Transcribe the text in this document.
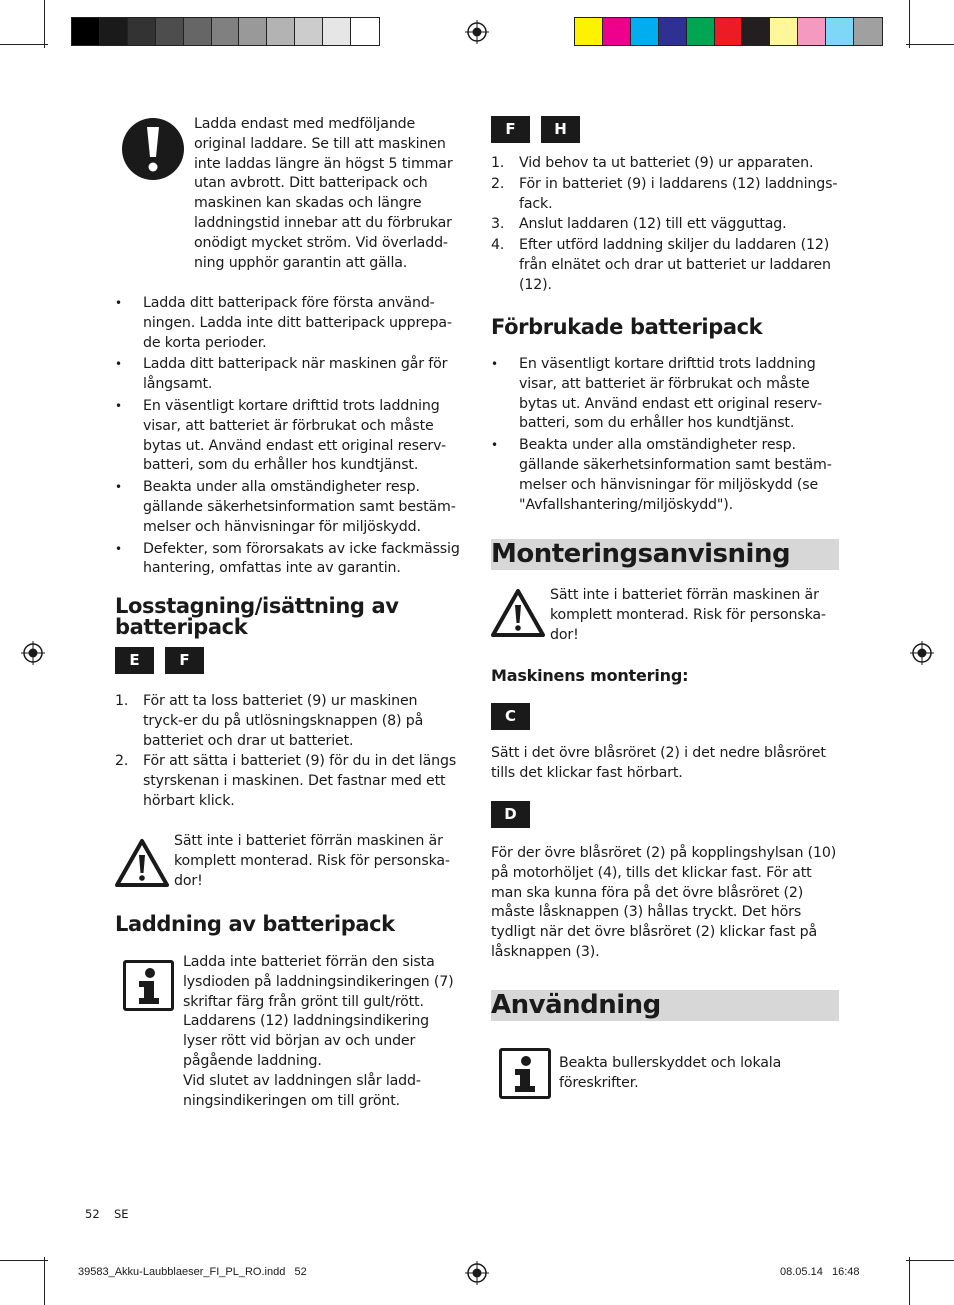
Ladda endast med medföljande original laddare. Se till att maskinen inte laddas längre än högst 5 timmar utan avbrott. Ditt batteripack och maskinen kan skadas och längre laddningstid innebar att du förbrukar onödigt mycket ström. Vid överladd-ning upphör garantin att gälla.
• Ladda ditt batteripack före första använd-ningen. Ladda inte ditt batteripack upprepa-de korta perioder.
• Ladda ditt batteripack när maskinen går för långsamt.
• En väsentligt kortare drifttid trots laddning visar, att batteriet är förbrukat och måste bytas ut. Använd endast ett original reserv-batteri, som du erhåller hos kundtjänst.
• Beakta under alla omständigheter resp. gällande säkerhetsinformation samt bestäm-melser och hänvisningar för miljöskydd.
• Defekter, som förorsakats av icke fackmässig hantering, omfattas inte av garantin.
Losstagning/isättning av batteripack
E	F
1. För att ta loss batteriet (9) ur maskinen tryck-er du på utlösningsknappen (8) på batteriet och drar ut batteriet.
2. För att sätta i batteriet (9) för du in det längs styrskenan i maskinen. Det fastnar med ett hörbart klick.
Sätt inte i batteriet förrän maskinen är komplett monterad. Risk för personska-dor!
Laddning av batteripack
Ladda inte batteriet förrän den sista lysdioden på laddningsindikeringen (7) skriftar färg från grönt till gult/rött. Laddarens (12) laddningsindikering lyser rött vid början av och under pågående laddning.
Vid slutet av laddningen slår ladd-ningsindikeringen om till grönt.
F	H
1. Vid behov ta ut batteriet (9) ur apparaten.
2. För in batteriet (9) i laddarens (12) laddnings-fack.
3. Anslut laddaren (12) till ett vägguttag.
4. Efter utförd laddning skiljer du laddaren (12) från elnätet och drar ut batteriet ur laddaren (12).
Förbrukade batteripack
• En väsentligt kortare drifttid trots laddning visar, att batteriet är förbrukat och måste bytas ut. Använd endast ett original reserv-batteri, som du erhåller hos kundtjänst.
• Beakta under alla omständigheter resp. gällande säkerhetsinformation samt bestäm-melser och hänvisningar för miljöskydd (se "Avfallshantering/miljöskydd").
Monteringsanvisning
Sätt inte i batteriet förrän maskinen är komplett monterad. Risk för personska-dor!
Maskinens montering:
C
Sätt i det övre blåsröret (2) i det nedre blåsröret tills det klickar fast hörbart.
D
För der övre blåsröret (2) på kopplingshylsan (10) på motorhöljet (4), tills det klickar fast. För att man ska kunna föra på det övre blåsröret (2) måste låsknappen (3) hållas tryckt. Det hörs tydligt när det övre blåsröret (2) klickar fast på låsknappen (3).
Användning
Beakta bullerskyddet och lokala föreskrifter.
52 SE
39583_Akku-Laubblaeser_FI_PL_RO.indd 52	08.05.14 16:48
